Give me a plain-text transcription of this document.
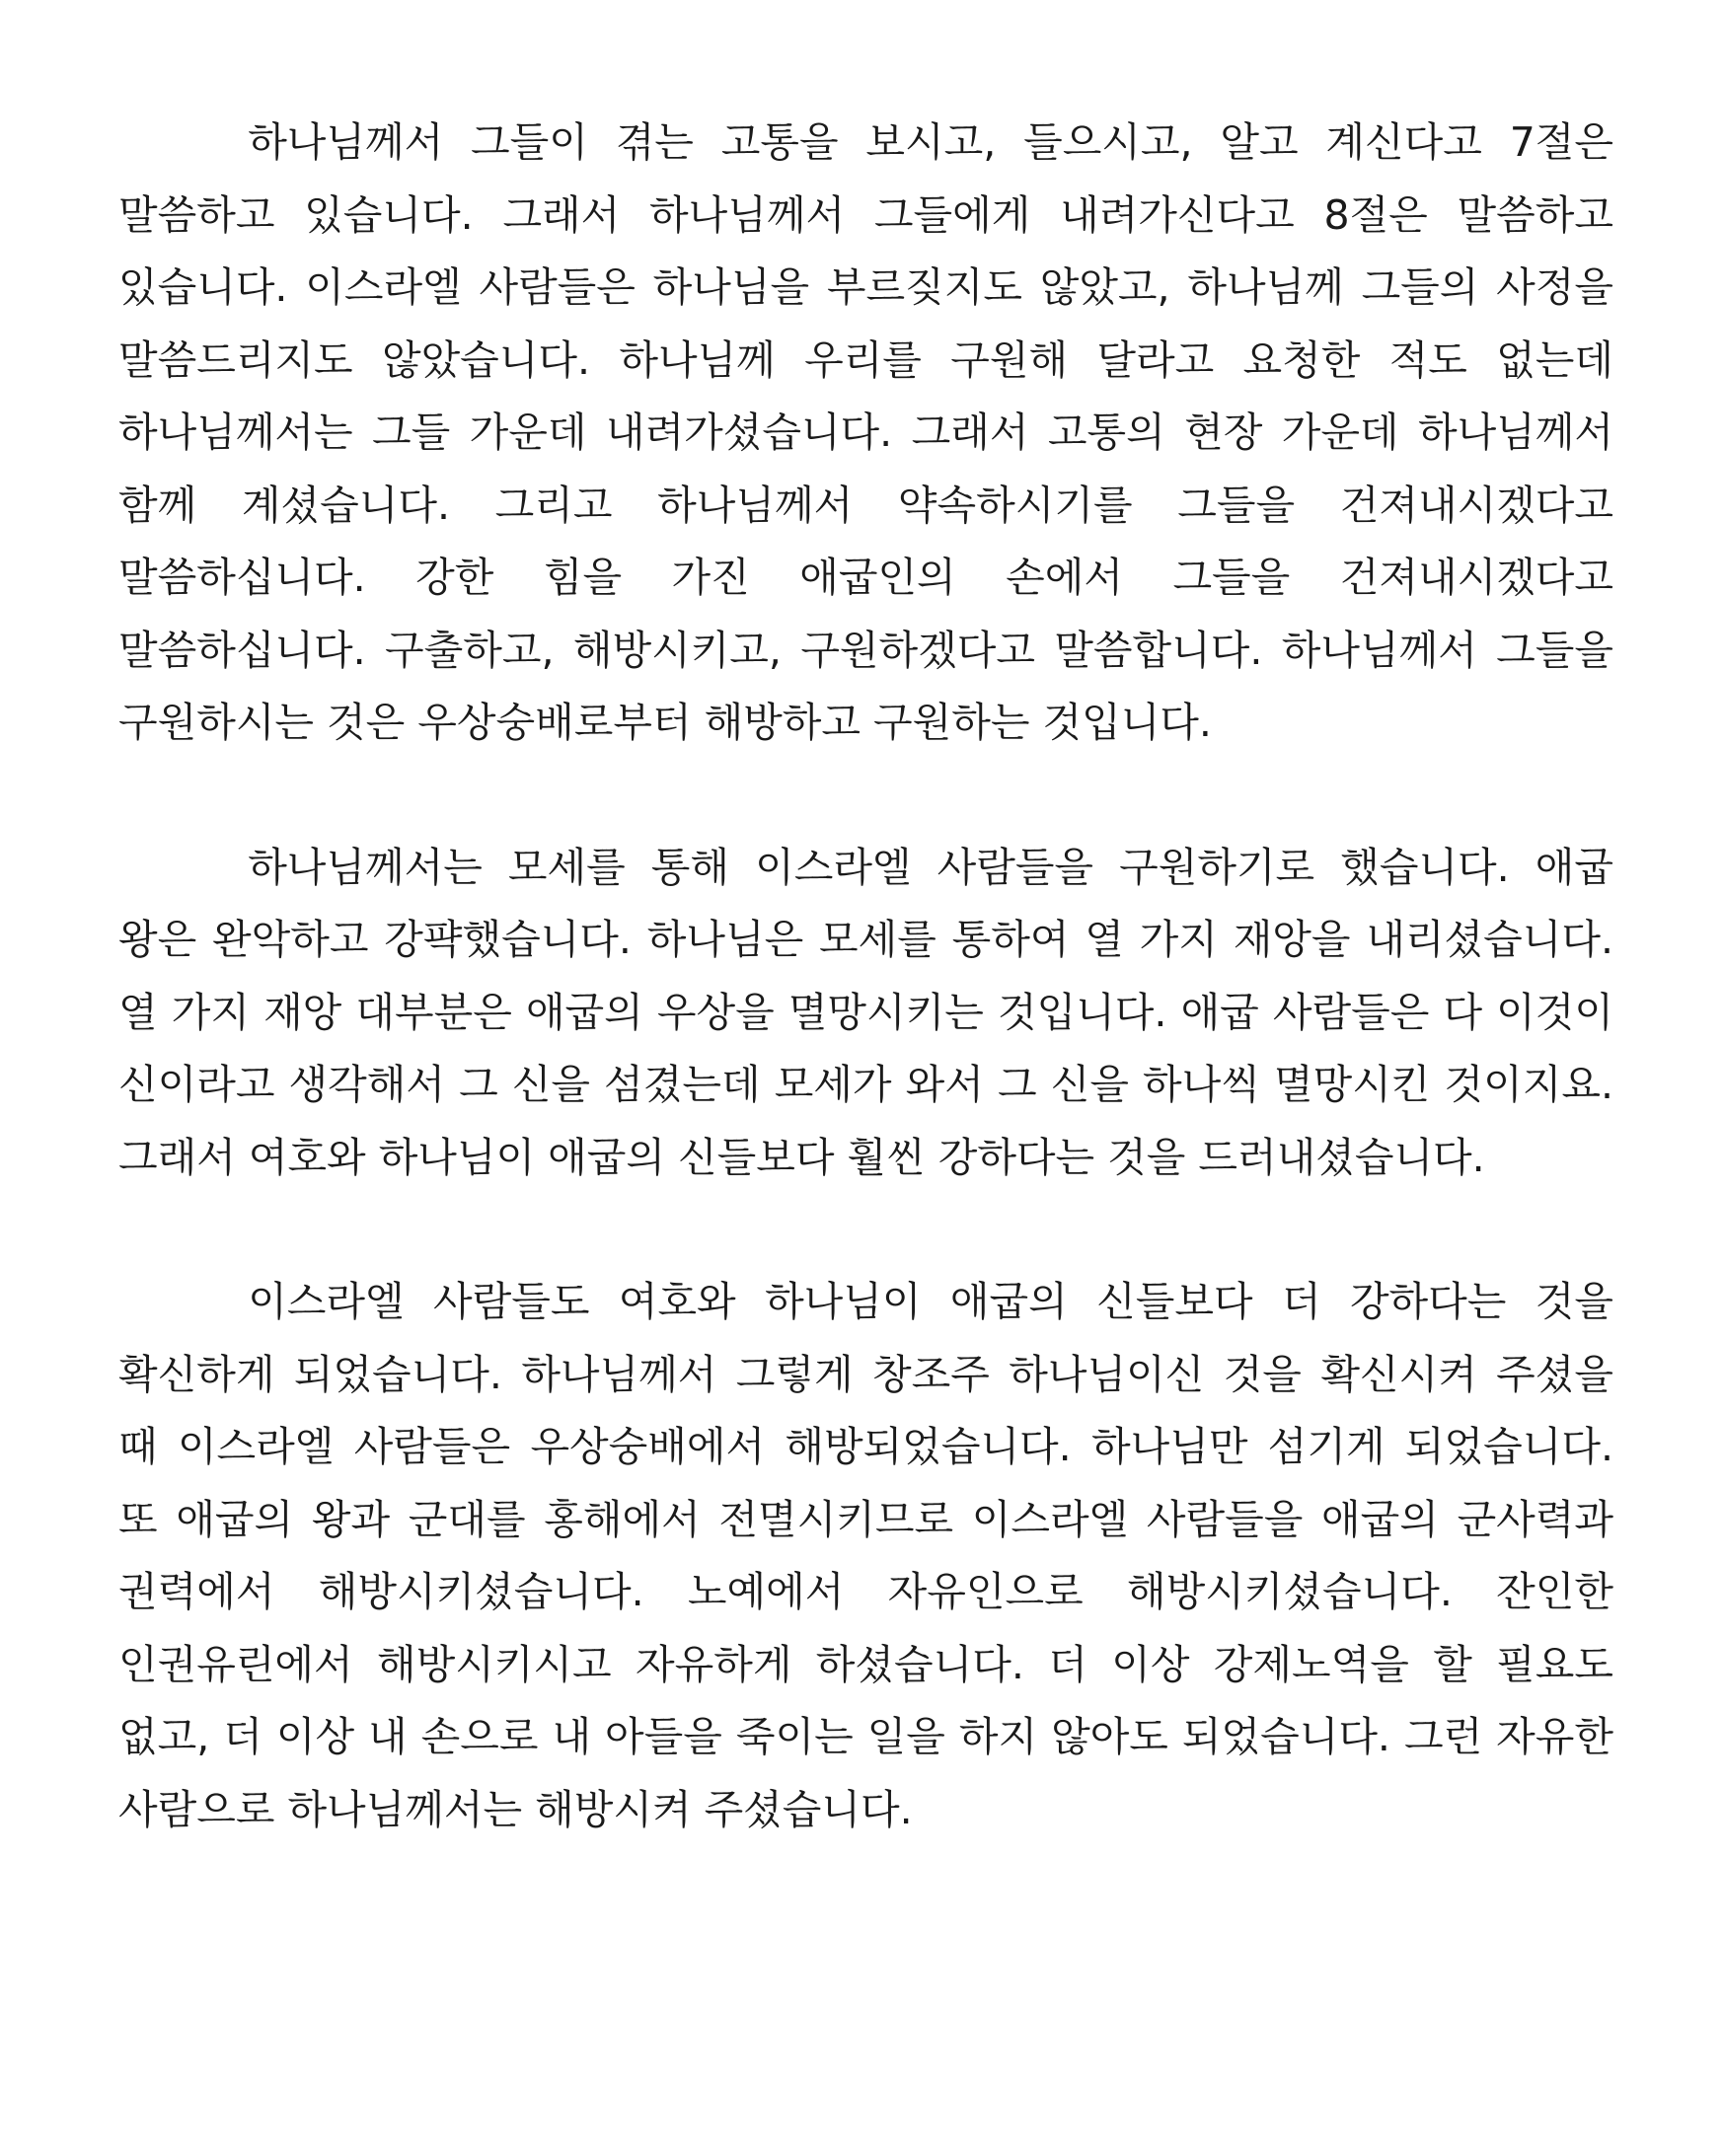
하나님께서 그들이 겪는 고통을 보시고, 들으시고, 알고 계신다고 7절은 말씀하고 있습니다. 그래서 하나님께서 그들에게 내려가신다고 8절은 말씀하고 있습니다. 이스라엘 사람들은 하나님을 부르짖지도 않았고, 하나님께 그들의 사정을 말씀드리지도 않았습니다. 하나님께 우리를 구원해 달라고 요청한 적도 없는데 하나님께서는 그들 가운데 내려가셨습니다. 그래서 고통의 현장 가운데 하나님께서 함께 계셨습니다. 그리고 하나님께서 약속하시기를 그들을 건져내시겠다고 말씀하십니다. 강한 힘을 가진 애굽인의 손에서 그들을 건져내시겠다고 말씀하십니다. 구출하고, 해방시키고, 구원하겠다고 말씀합니다. 하나님께서 그들을 구원하시는 것은 우상숭배로부터 해방하고 구원하는 것입니다.

하나님께서는 모세를 통해 이스라엘 사람들을 구원하기로 했습니다. 애굽 왕은 완악하고 강퍅했습니다. 하나님은 모세를 통하여 열 가지 재앙을 내리셨습니다. 열 가지 재앙 대부분은 애굽의 우상을 멸망시키는 것입니다. 애굽 사람들은 다 이것이 신이라고 생각해서 그 신을 섬겼는데 모세가 와서 그 신을 하나씩 멸망시킨 것이지요. 그래서 여호와 하나님이 애굽의 신들보다 훨씬 강하다는 것을 드러내셨습니다.

이스라엘 사람들도 여호와 하나님이 애굽의 신들보다 더 강하다는 것을 확신하게 되었습니다. 하나님께서 그렇게 창조주 하나님이신 것을 확신시켜 주셨을 때 이스라엘 사람들은 우상숭배에서 해방되었습니다. 하나님만 섬기게 되었습니다. 또 애굽의 왕과 군대를 홍해에서 전멸시키므로 이스라엘 사람들을 애굽의 군사력과 권력에서 해방시키셨습니다. 노예에서 자유인으로 해방시키셨습니다. 잔인한 인권유린에서 해방시키시고 자유하게 하셨습니다. 더 이상 강제노역을 할 필요도 없고, 더 이상 내 손으로 내 아들을 죽이는 일을 하지 않아도 되었습니다. 그런 자유한 사람으로 하나님께서는 해방시켜 주셨습니다.
